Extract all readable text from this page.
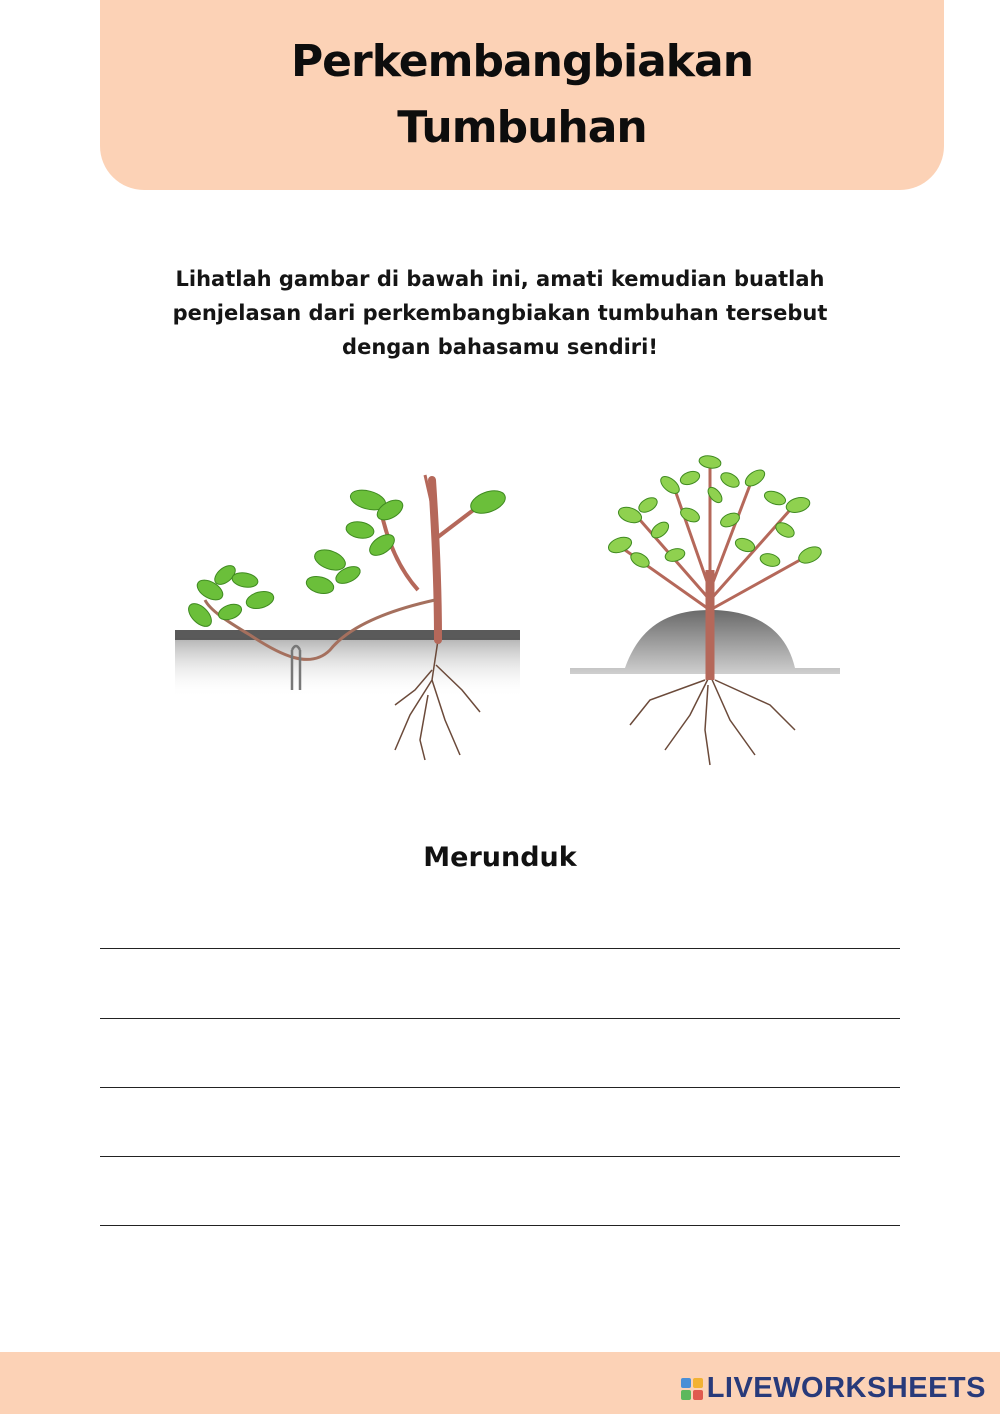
Perkembangbiakan
Tumbuhan
Lihatlah gambar di bawah ini, amati kemudian buatlah
penjelasan dari perkembangbiakan tumbuhan tersebut
dengan bahasamu sendiri!
Merunduk
LIVEWORKSHEETS
